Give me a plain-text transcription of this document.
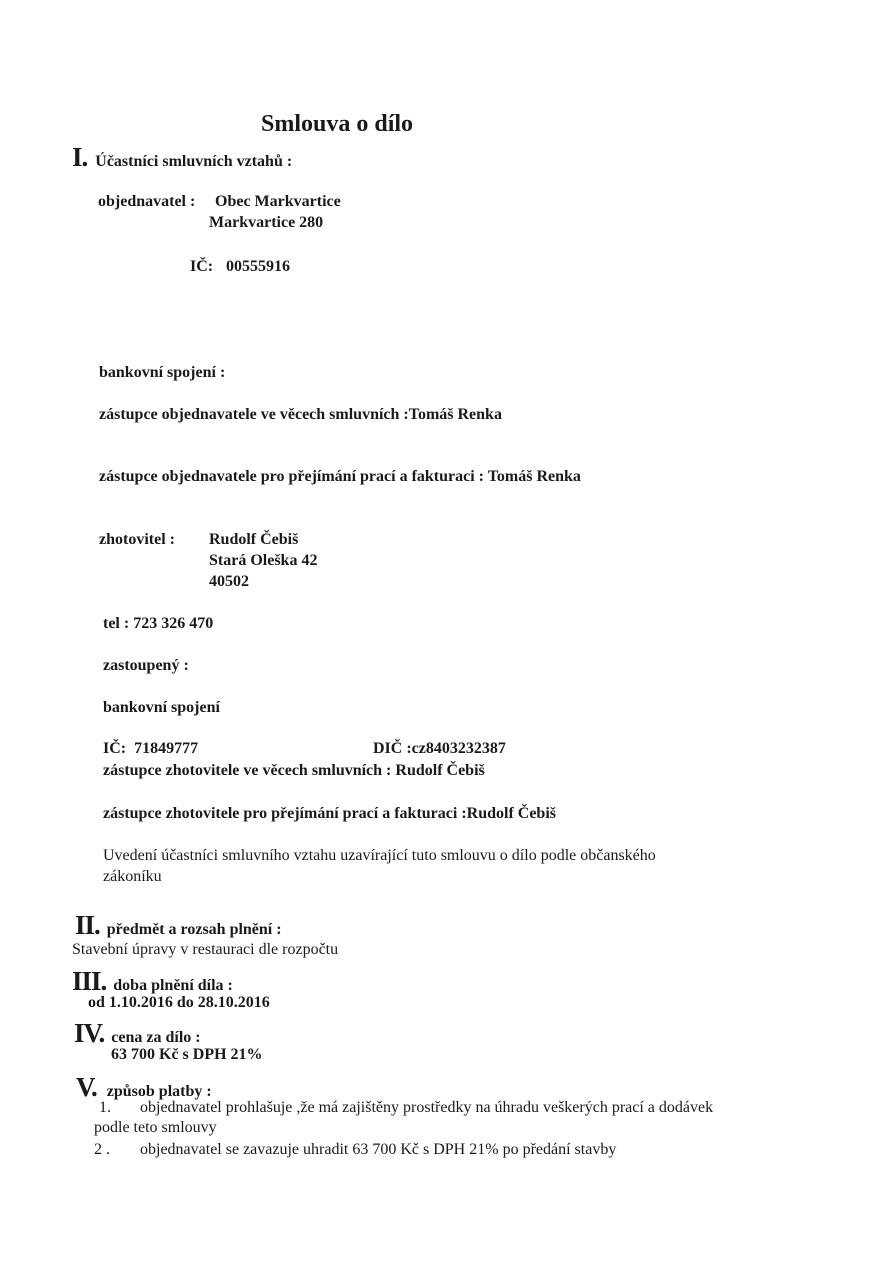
Smlouva o dílo
I. Účastníci smluvních vztahů :
objednavatel : Obec Markvartice
Markvartice 280
IČ: 00555916
bankovní spojení :
zástupce objednavatele ve věcech smluvních :Tomáš Renka
zástupce objednavatele pro přejímání prací a fakturaci : Tomáš Renka
zhotovitel : Rudolf Čebiš
Stará Oleška 42
40502
tel : 723 326 470
zastoupený :
bankovní spojení
IČ: 71849777	DIČ :cz8403232387
zástupce zhotovitele ve věcech smluvních : Rudolf Čebiš
zástupce zhotovitele pro přejímání prací a fakturaci :Rudolf Čebiš
Uvedení účastníci smluvního vztahu uzavírající tuto smlouvu o dílo podle občanského
zákoníku
II. předmět a rozsah plnění :
Stavební úpravy v restauraci dle rozpočtu
III. doba plnění díla :
od 1.10.2016 do 28.10.2016
IV. cena za dílo :
63 700 Kč s DPH 21%
V. způsob platby :
1. objednavatel prohlašuje ,že má zajištěny prostředky na úhradu veškerých prací a dodávek
podle teto smlouvy
2 . objednavatel se zavazuje uhradit 63 700 Kč s DPH 21% po předání stavby
